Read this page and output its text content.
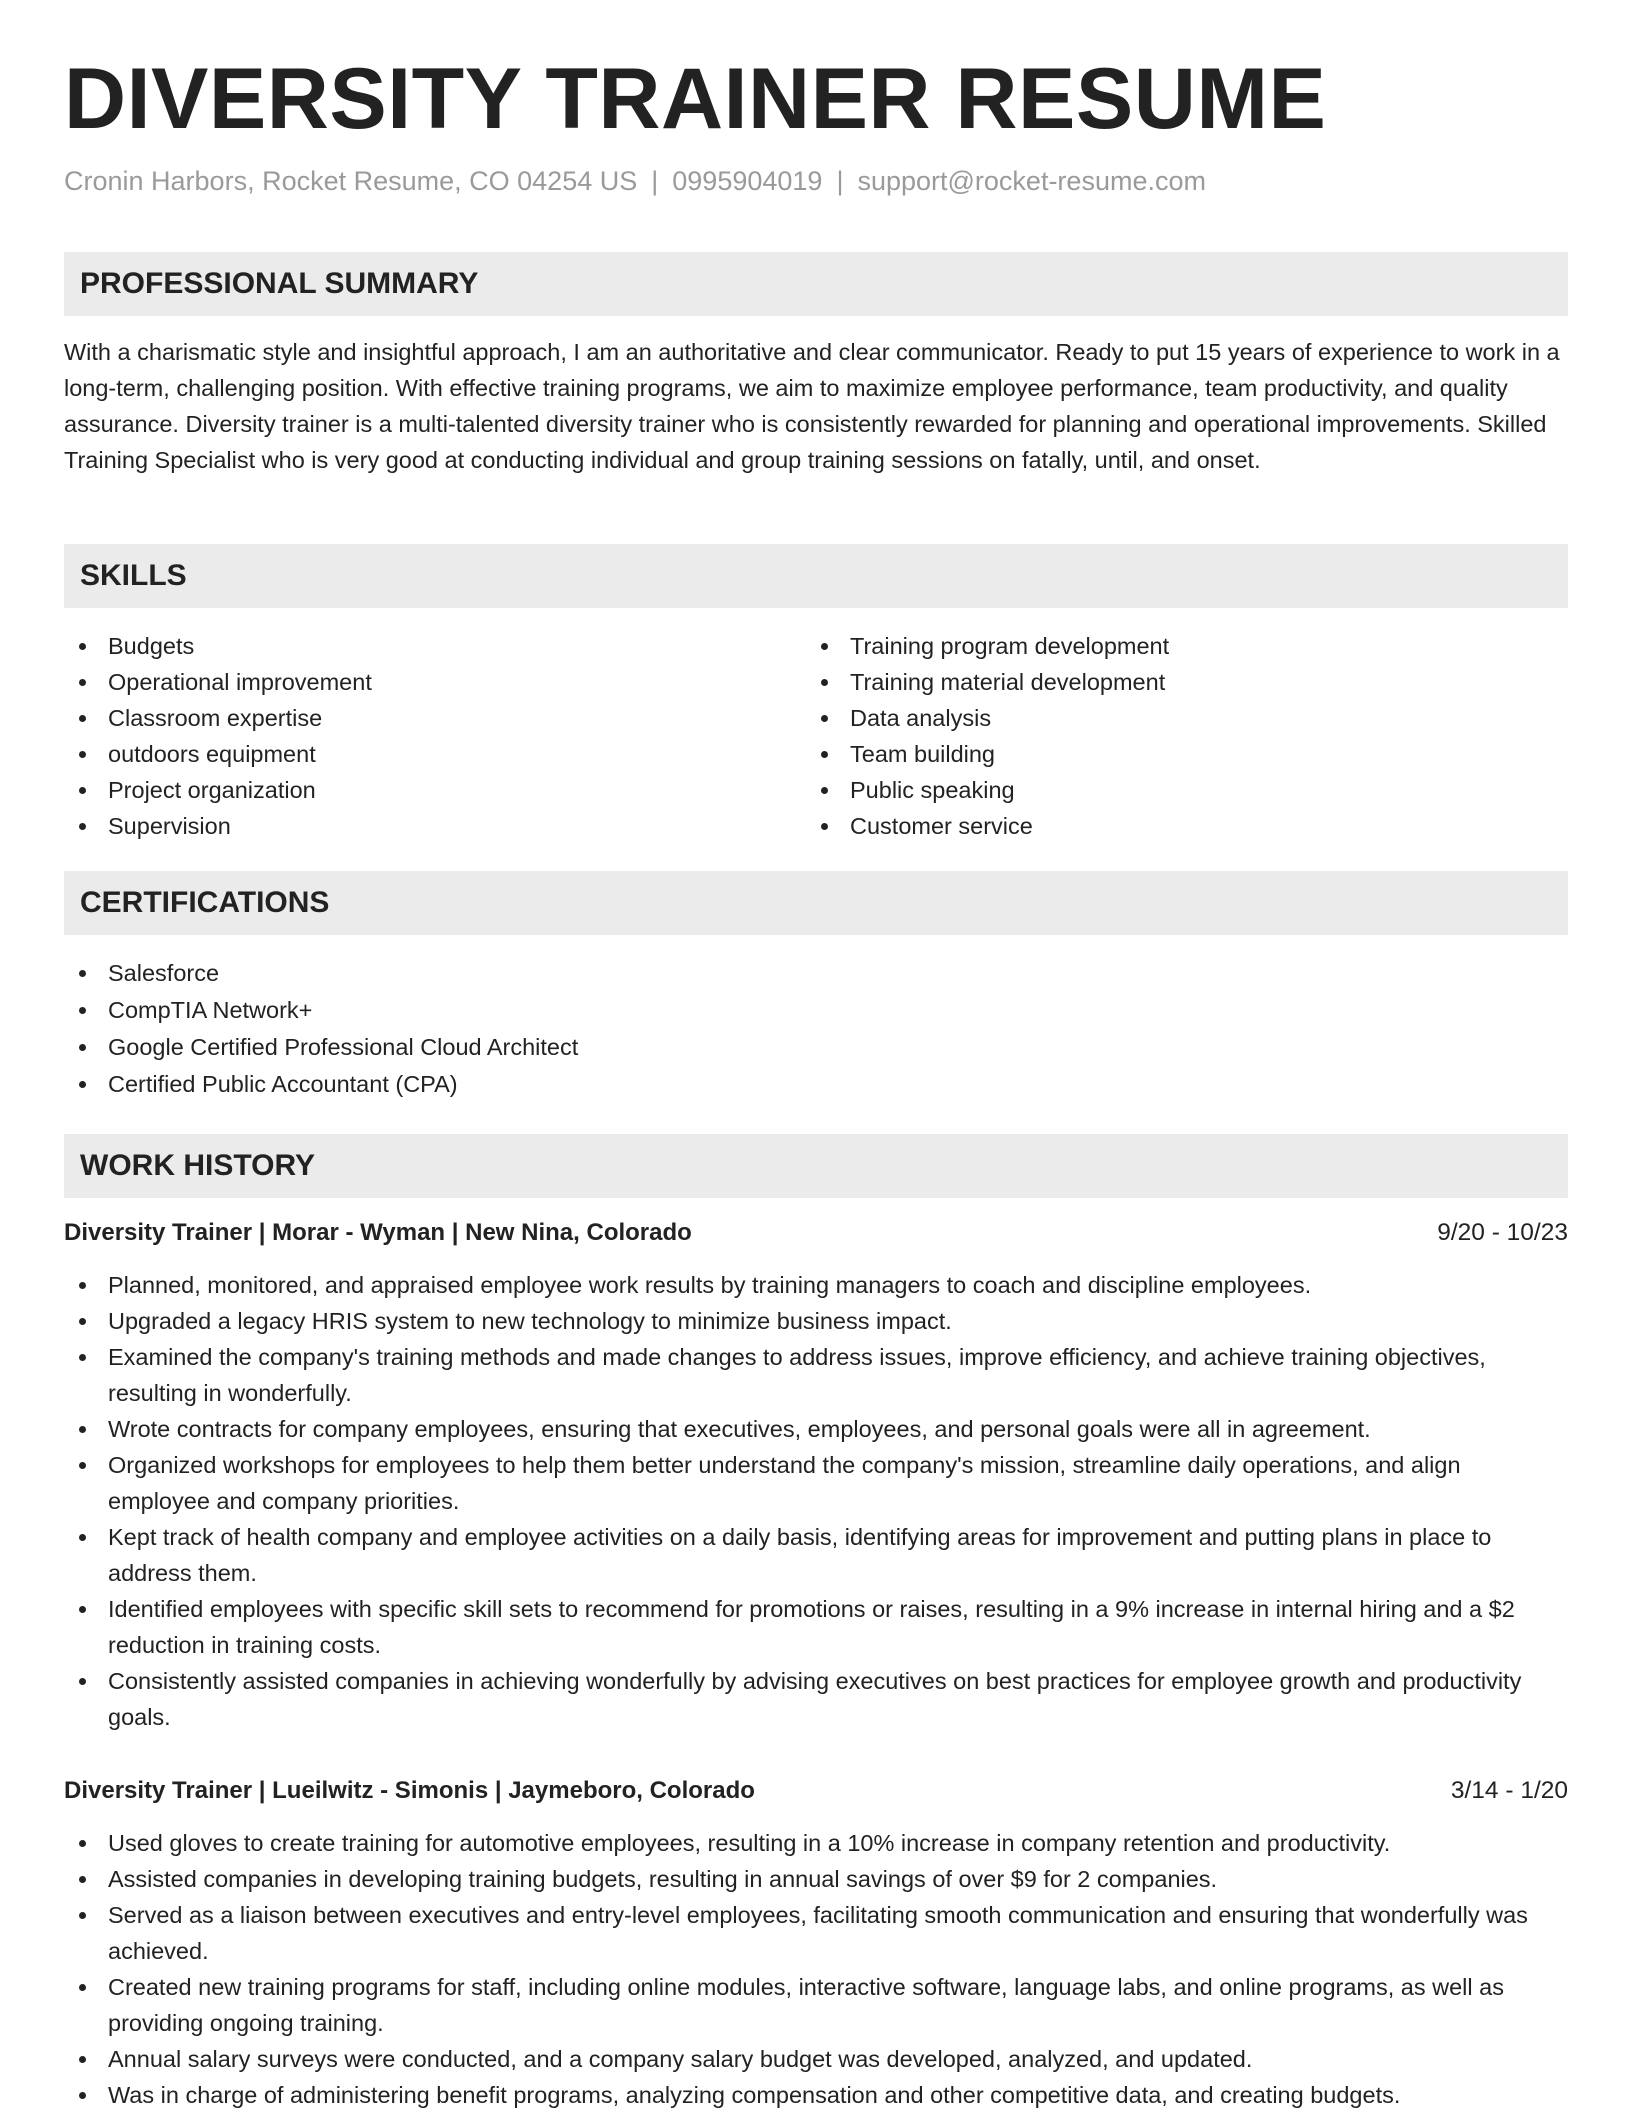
DIVERSITY TRAINER RESUME
Cronin Harbors, Rocket Resume, CO 04254 US | 0995904019 | support@rocket-resume.com
PROFESSIONAL SUMMARY

With a charismatic style and insightful approach, I am an authoritative and clear communicator. Ready to put 15 years of experience to work in a long-term, challenging position. With effective training programs, we aim to maximize employee performance, team productivity, and quality assurance. Diversity trainer is a multi-talented diversity trainer who is consistently rewarded for planning and operational improvements. Skilled Training Specialist who is very good at conducting individual and group training sessions on fatally, until, and onset.

SKILLS
Budgets
Operational improvement
Classroom expertise
outdoors equipment
Project organization
Supervision
Training program development
Training material development
Data analysis
Team building
Public speaking
Customer service
CERTIFICATIONS
Salesforce
CompTIA Network+
Google Certified Professional Cloud Architect
Certified Public Accountant (CPA)
WORK HISTORY
Diversity Trainer | Morar - Wyman | New Nina, Colorado	9/20 - 10/23
Planned, monitored, and appraised employee work results by training managers to coach and discipline employees.
Upgraded a legacy HRIS system to new technology to minimize business impact.
Examined the company's training methods and made changes to address issues, improve efficiency, and achieve training objectives, resulting in wonderfully.
Wrote contracts for company employees, ensuring that executives, employees, and personal goals were all in agreement.
Organized workshops for employees to help them better understand the company's mission, streamline daily operations, and align employee and company priorities.
Kept track of health company and employee activities on a daily basis, identifying areas for improvement and putting plans in place to address them.
Identified employees with specific skill sets to recommend for promotions or raises, resulting in a 9% increase in internal hiring and a $2 reduction in training costs.
Consistently assisted companies in achieving wonderfully by advising executives on best practices for employee growth and productivity goals.
Diversity Trainer | Lueilwitz - Simonis | Jaymeboro, Colorado	3/14 - 1/20
Used gloves to create training for automotive employees, resulting in a 10% increase in company retention and productivity.
Assisted companies in developing training budgets, resulting in annual savings of over $9 for 2 companies.
Served as a liaison between executives and entry-level employees, facilitating smooth communication and ensuring that wonderfully was achieved.
Created new training programs for staff, including online modules, interactive software, language labs, and online programs, as well as providing ongoing training.
Annual salary surveys were conducted, and a company salary budget was developed, analyzed, and updated.
Was in charge of administering benefit programs, analyzing compensation and other competitive data, and creating budgets.
